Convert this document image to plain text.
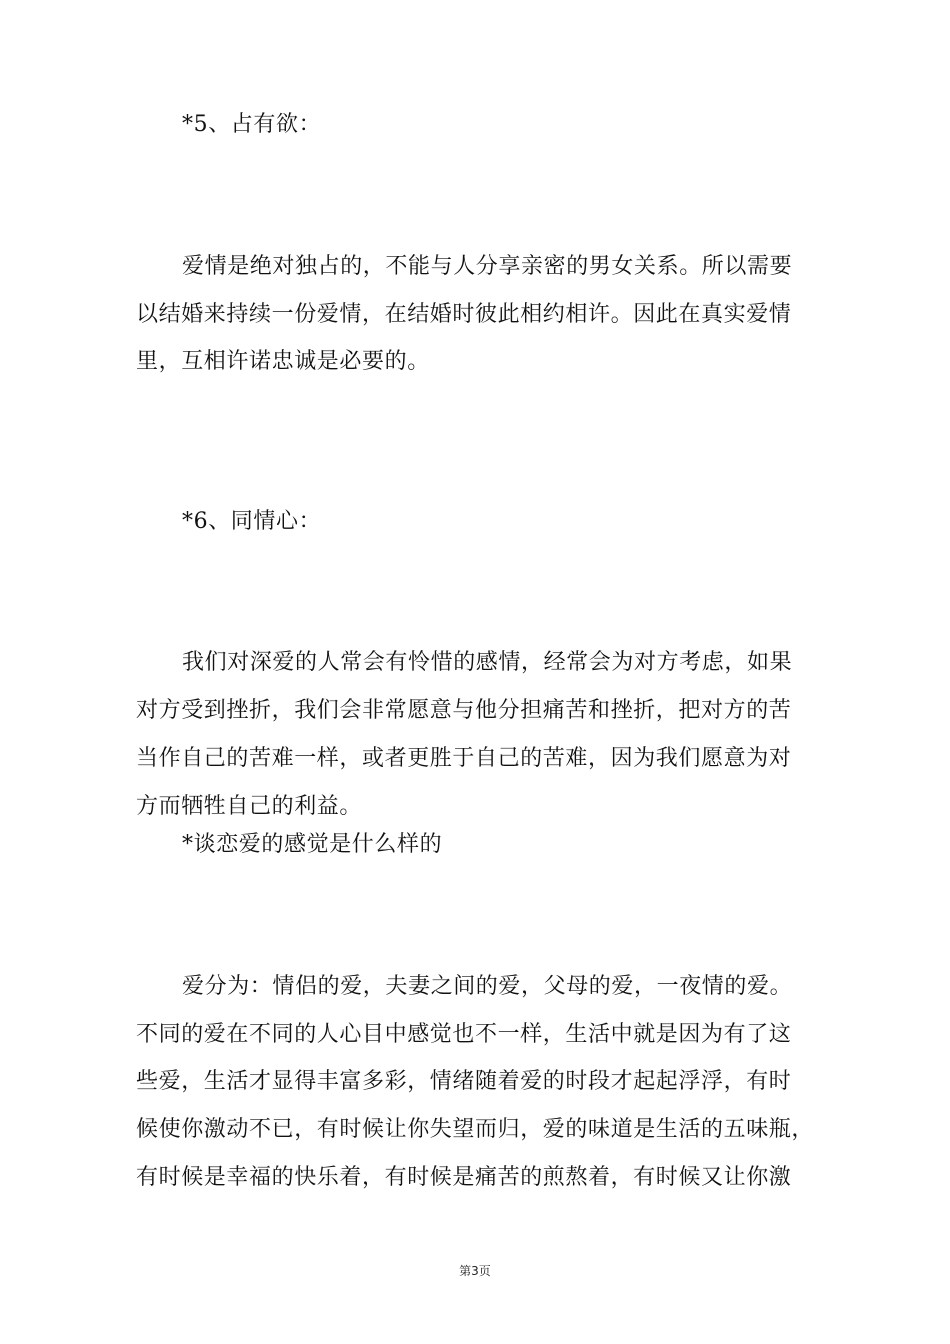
*5、占有欲：
爱情是绝对独占的，不能与人分享亲密的男女关系。所以需要
以结婚来持续一份爱情，在结婚时彼此相约相许。因此在真实爱情
里，互相许诺忠诚是必要的。
*6、同情心：
我们对深爱的人常会有怜惜的感情，经常会为对方考虑，如果
对方受到挫折，我们会非常愿意与他分担痛苦和挫折，把对方的苦
当作自己的苦难一样，或者更胜于自己的苦难，因为我们愿意为对
方而牺牲自己的利益。
*谈恋爱的感觉是什么样的
爱分为：情侣的爱，夫妻之间的爱，父母的爱，一夜情的爱。
不同的爱在不同的人心目中感觉也不一样，生活中就是因为有了这
些爱，生活才显得丰富多彩，情绪随着爱的时段才起起浮浮，有时
候使你激动不已，有时候让你失望而归，爱的味道是生活的五味瓶，
有时候是幸福的快乐着，有时候是痛苦的煎熬着，有时候又让你激
第3页
